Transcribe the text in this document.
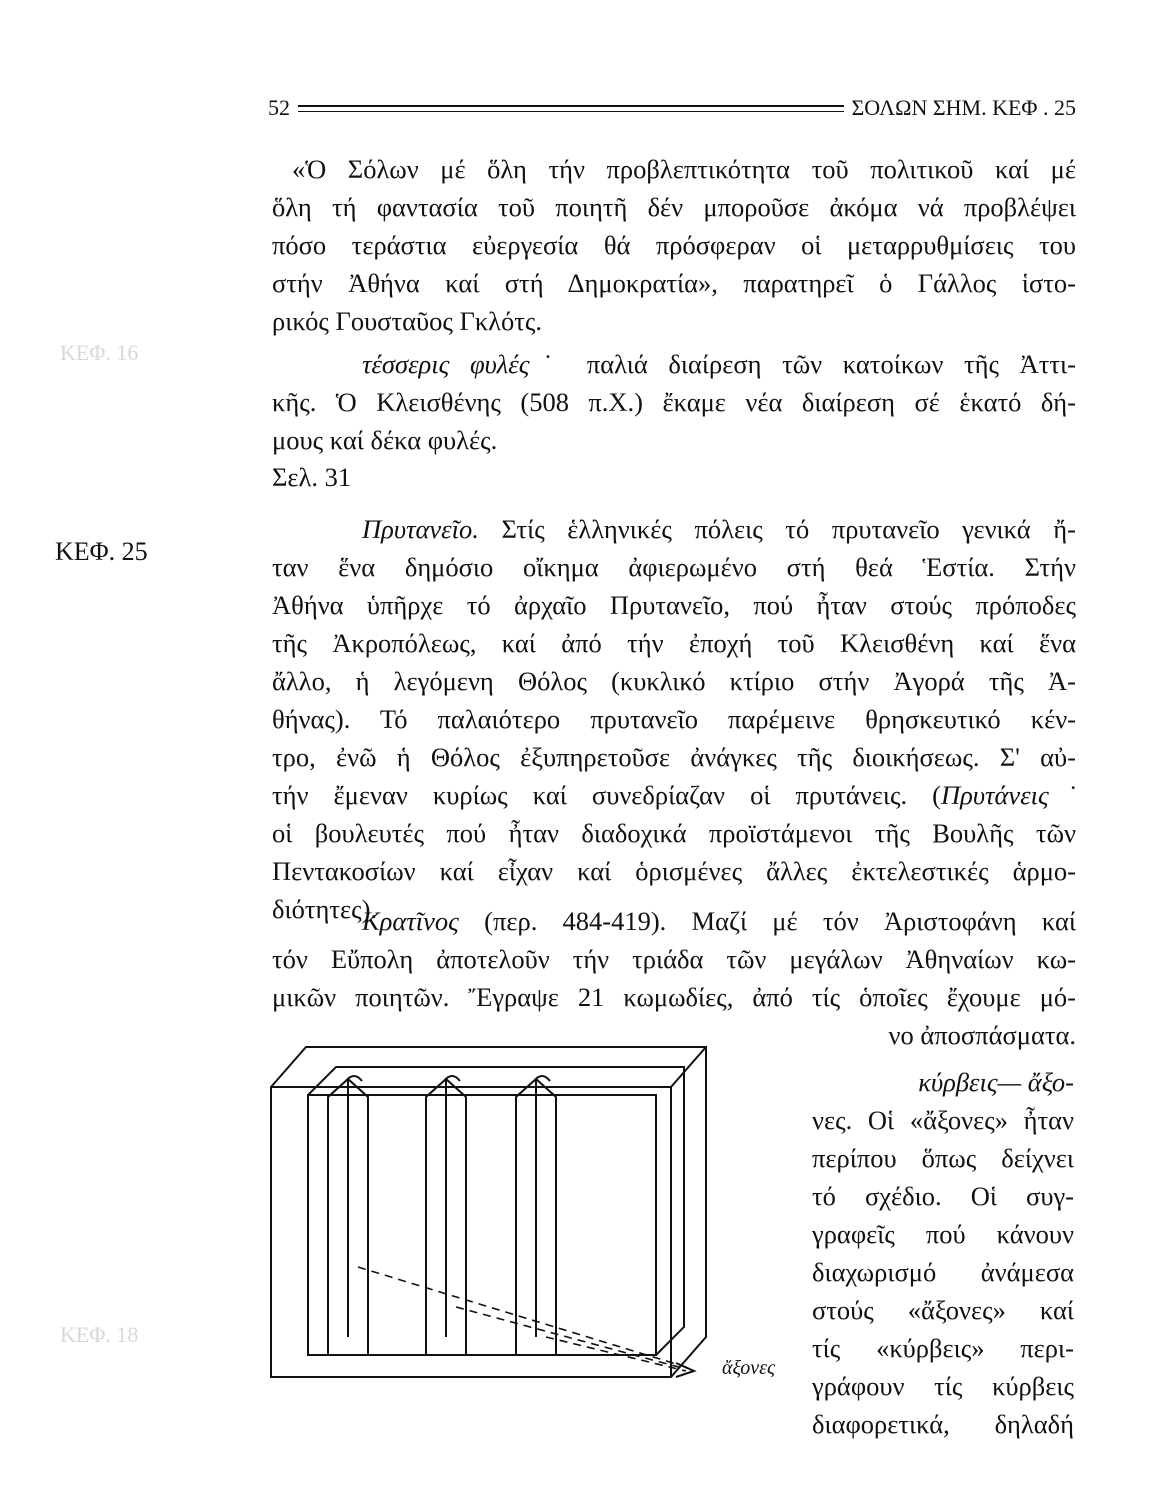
52	ΣΟΛΩΝ ΣΗΜ. ΚΕΦ . 25
ΚΕΦ. 16
ΚΕΦ. 18
«Ὁ Σόλων μέ ὅλη τήν προβλεπτικότητα τοῦ πολιτικοῦ καί μέ
ὅλη τή φαντασία τοῦ ποιητῆ δέν μποροῦσε ἀκόμα νά προβλέψει
πόσο τεράστια εὐεργεσία θά πρόσφεραν οἱ μεταρρυθμίσεις του
στήν Ἀθήνα καί στή Δημοκρατία», παρατηρεῖ ὁ Γάλλος ἱστο-
ρικός Γουσταῦος Γκλότς.
τέσσερις φυλές˙ παλιά διαίρεση τῶν κατοίκων τῆς Ἀττι-
κῆς. Ὁ Κλεισθένης (508 π.Χ.) ἔκαμε νέα διαίρεση σέ ἑκατό δή-
μους καί δέκα φυλές.
Σελ. 31
ΚΕΦ. 25
Πρυτανεῖο. Στίς ἑλληνικές πόλεις τό πρυτανεῖο γενικά ἤ-
ταν ἕνα δημόσιο οἴκημα ἀφιερωμένο στή θεά Ἑστία. Στήν
Ἀθήνα ὑπῆρχε τό ἀρχαῖο Πρυτανεῖο, πού ἦταν στούς πρόποδες
τῆς Ἀκροπόλεως, καί ἀπό τήν ἐποχή τοῦ Κλεισθένη καί ἕνα
ἄλλο, ἡ λεγόμενη Θόλος (κυκλικό κτίριο στήν Ἀγορά τῆς Ἀ-
θήνας). Τό παλαιότερο πρυτανεῖο παρέμεινε θρησκευτικό κέν-
τρο, ἐνῶ ἡ Θόλος ἐξυπηρετοῦσε ἀνάγκες τῆς διοικήσεως. Σ' αὐ-
τήν ἔμεναν κυρίως καί συνεδρίαζαν οἱ πρυτάνεις. (Πρυτάνεις˙
οἱ βουλευτές πού ἦταν διαδοχικά προϊστάμενοι τῆς Βουλῆς τῶν
Πεντακοσίων καί εἶχαν καί ὁρισμένες ἄλλες ἐκτελεστικές ἁρμο-
διότητες).
Κρατῖνος (περ. 484-419). Μαζί μέ τόν Ἀριστοφάνη καί
τόν Εὔπολη ἀποτελοῦν τήν τριάδα τῶν μεγάλων Ἀθηναίων κω-
μικῶν ποιητῶν. Ἔγραψε 21 κωμωδίες, ἀπό τίς ὁποῖες ἔχουμε μό-
νο ἀποσπάσματα.
ἄξονες
κύρβεις— ἄξο-
νες. Οἱ «ἄξονες» ἦταν
περίπου ὅπως δείχνει
τό σχέδιο. Οἱ συγ-
γραφεῖς πού κάνουν
διαχωρισμό ἀνάμεσα
στούς «ἄξονες» καί
τίς «κύρβεις» περι-
γράφουν τίς κύρβεις
διαφορετικά, δηλαδή
